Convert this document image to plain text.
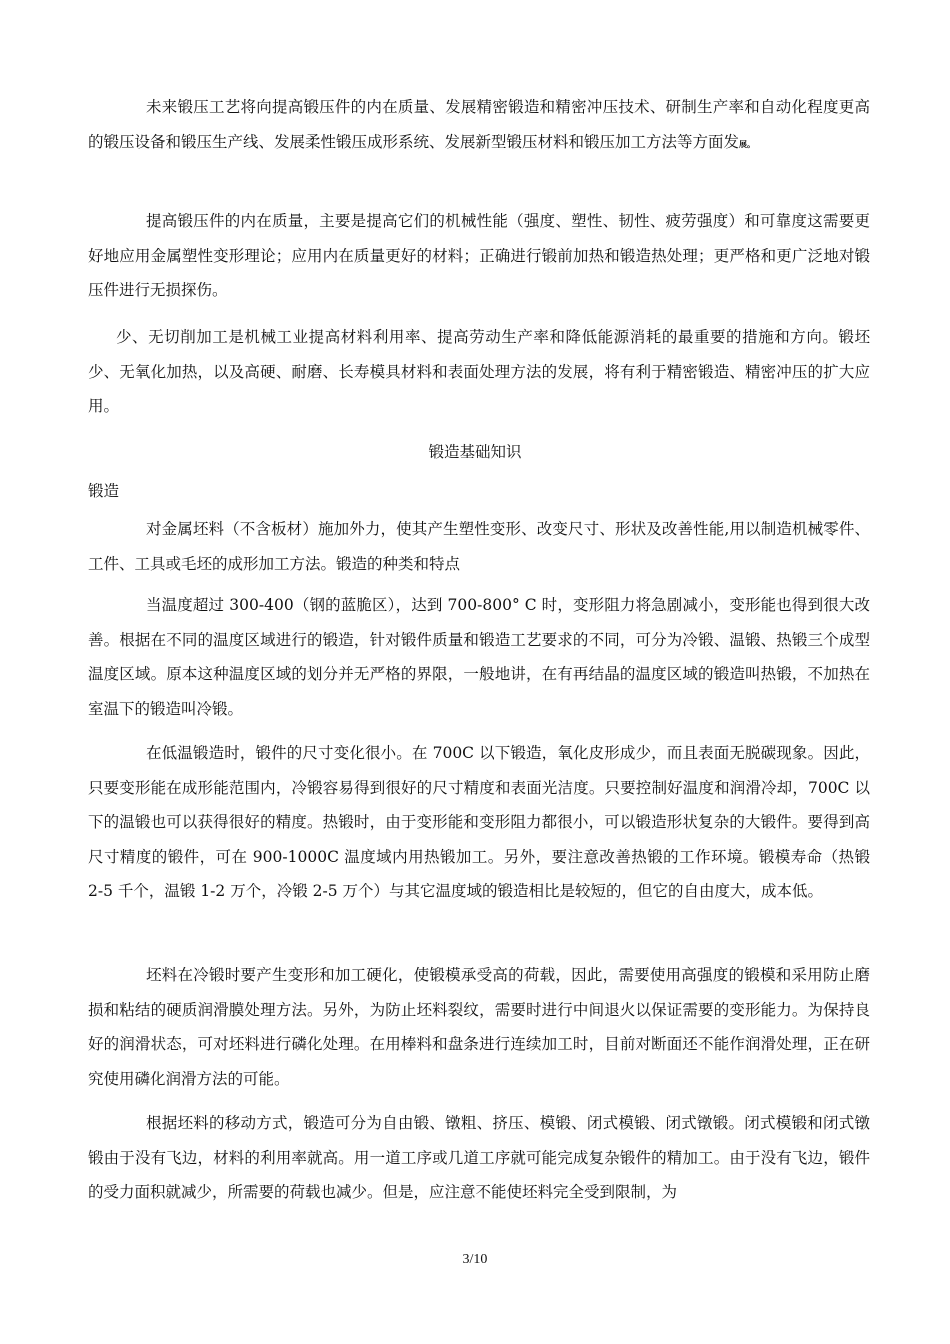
未来锻压工艺将向提高锻压件的内在质量、发展精密锻造和精密冲压技术、研制生产率和自动化程度更高的锻压设备和锻压生产线、发展柔性锻压成形系统、发展新型锻压材料和锻压加工方法等方面发展。

提高锻压件的内在质量，主要是提高它们的机械性能（强度、塑性、韧性、疲劳强度）和可靠度这需要更好地应用金属塑性变形理论；应用内在质量更好的材料；正确进行锻前加热和锻造热处理；更严格和更广泛地对锻压件进行无损探伤。

少、无切削加工是机械工业提高材料利用率、提高劳动生产率和降低能源消耗的最重要的措施和方向。锻坯少、无氧化加热，以及高硬、耐磨、长寿模具材料和表面处理方法的发展，将有利于精密锻造、精密冲压的扩大应用。

锻造基础知识

锻造

对金属坯料（不含板材）施加外力，使其产生塑性变形、改变尺寸、形状及改善性能,用以制造机械零件、工件、工具或毛坯的成形加工方法。锻造的种类和特点

当温度超过 300-400（钢的蓝脆区），达到 700-800° C 时，变形阻力将急剧减小，变形能也得到很大改善。根据在不同的温度区域进行的锻造，针对锻件质量和锻造工艺要求的不同，可分为冷锻、温锻、热锻三个成型温度区域。原本这种温度区域的划分并无严格的界限，一般地讲，在有再结晶的温度区域的锻造叫热锻，不加热在室温下的锻造叫冷锻。

在低温锻造时，锻件的尺寸变化很小。在 700C 以下锻造，氧化皮形成少，而且表面无脱碳现象。因此，只要变形能在成形能范围内，冷锻容易得到很好的尺寸精度和表面光洁度。只要控制好温度和润滑冷却，700C 以下的温锻也可以获得很好的精度。热锻时，由于变形能和变形阻力都很小，可以锻造形状复杂的大锻件。要得到高尺寸精度的锻件，可在 900-1000C 温度域内用热锻加工。另外，要注意改善热锻的工作环境。锻模寿命（热锻 2-5 千个，温锻 1-2 万个，冷锻 2-5 万个）与其它温度域的锻造相比是较短的，但它的自由度大，成本低。

坯料在冷锻时要产生变形和加工硬化，使锻模承受高的荷载，因此，需要使用高强度的锻模和采用防止磨损和粘结的硬质润滑膜处理方法。另外，为防止坯料裂纹，需要时进行中间退火以保证需要的变形能力。为保持良好的润滑状态，可对坯料进行磷化处理。在用棒料和盘条进行连续加工时，目前对断面还不能作润滑处理，正在研究使用磷化润滑方法的可能。

根据坯料的移动方式，锻造可分为自由锻、镦粗、挤压、模锻、闭式模锻、闭式镦锻。闭式模锻和闭式镦锻由于没有飞边，材料的利用率就高。用一道工序或几道工序就可能完成复杂锻件的精加工。由于没有飞边，锻件的受力面积就减少，所需要的荷载也减少。但是，应注意不能使坯料完全受到限制，为

3/10
